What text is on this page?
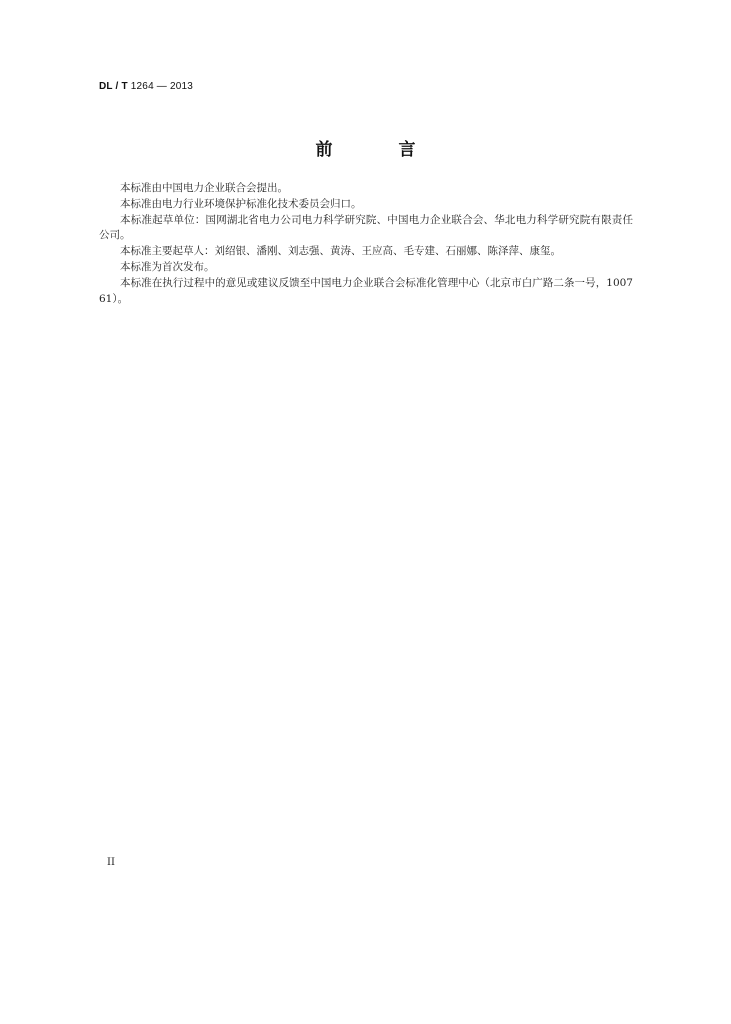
DL / T 1264 — 2013
前 言

本标准由中国电力企业联合会提出。

本标准由电力行业环境保护标准化技术委员会归口。

本标准起草单位：国网湖北省电力公司电力科学研究院、中国电力企业联合会、华北电力科学研究院有限责任公司。

本标准主要起草人：刘绍银、潘刚、刘志强、黄涛、王应高、毛专建、石丽娜、陈泽萍、康玺。

本标准为首次发布。

本标准在执行过程中的意见或建议反馈至中国电力企业联合会标准化管理中心（北京市白广路二条一号，100761）。

II
